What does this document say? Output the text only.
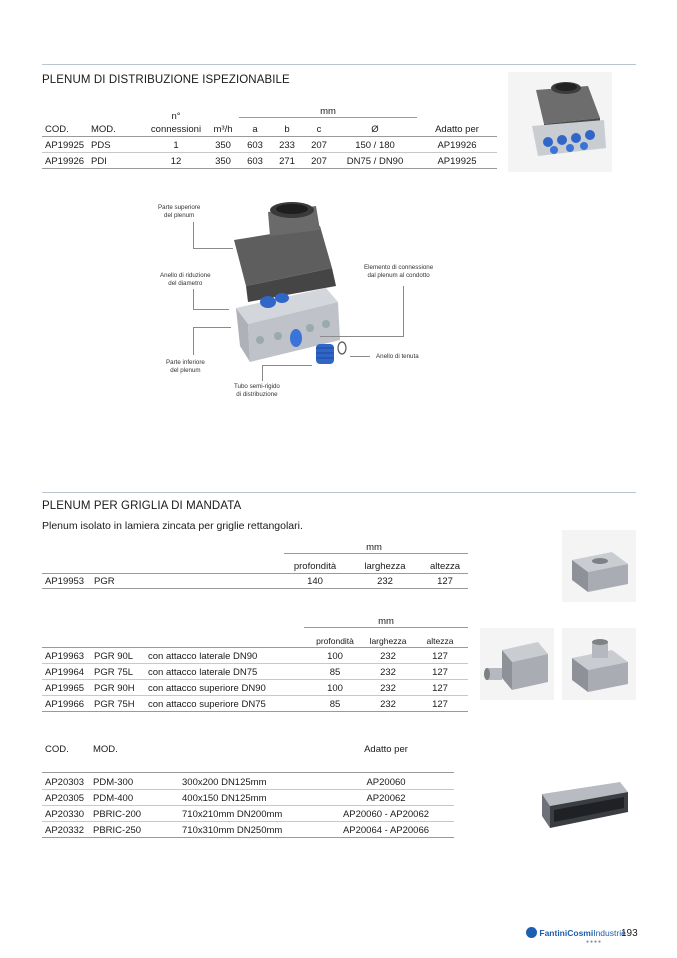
PLENUM DI DISTRIBUZIONE ISPEZIONABILE
mm
n°
COD. MOD.	connessioni	m³/h	a	b	c	Ø	Adatto per
AP19925 PDS	1	350	603	233	207	150 / 180	AP19926
AP19926 PDI	12	350	603	271	207	DN75 / DN90	AP19925
Parte superiore
del plenum
Anello di riduzione
del diametro
Parte inferiore
del plenum
Tubo semi-rigido
di distribuzione
Elemento di connessione
dal plenum al condotto
Anello di tenuta
PLENUM PER GRIGLIA DI MANDATA
Plenum isolato in lamiera zincata per griglie rettangolari.
mm
profondità	larghezza	altezza
AP19953 PGR	140	232	127
mm
profondità	larghezza	altezza
AP19963 PGR 90L con attacco laterale DN90	100	232	127
AP19964 PGR 75L con attacco laterale DN75	85	232	127
AP19965 PGR 90H con attacco superiore DN90	100	232	127
AP19966 PGR 75H con attacco superiore DN75	85	232	127
COD.	MOD.	Adatto per
AP20303 PDM-300	300x200 DN125mm	AP20060
AP20305 PDM-400	400x150 DN125mm	AP20062
AP20330 PBRIC-200	710x210mm DN200mm	AP20060 - AP20062
AP20332 PBRIC-250	710x310mm DN250mm	AP20064 - AP20066
FantiniCosmiIndustrie
●●●●
193
